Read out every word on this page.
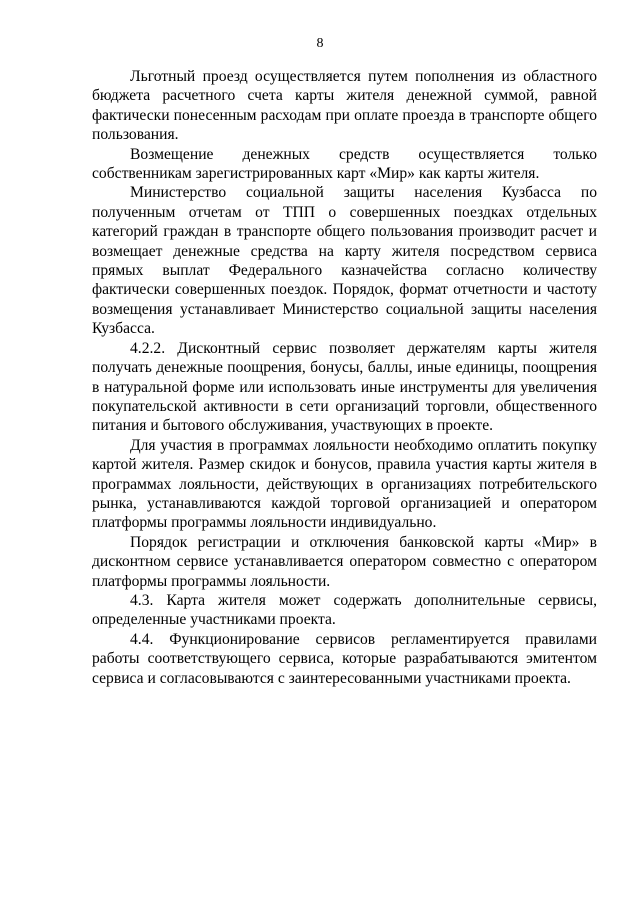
8

Льготный проезд осуществляется путем пополнения из областного бюджета расчетного счета карты жителя денежной суммой, равной фактически понесенным расходам при оплате проезда в транспорте общего пользования.

Возмещение денежных средств осуществляется только собственникам зарегистрированных карт «Мир» как карты жителя.

Министерство социальной защиты населения Кузбасса по полученным отчетам от ТПП о совершенных поездках отдельных категорий граждан в транспорте общего пользования производит расчет и возмещает денежные средства на карту жителя посредством сервиса прямых выплат Федерального казначейства согласно количеству фактически совершенных поездок. Порядок, формат отчетности и частоту возмещения устанавливает Министерство социальной защиты населения Кузбасса.

4.2.2. Дисконтный сервис позволяет держателям карты жителя получать денежные поощрения, бонусы, баллы, иные единицы, поощрения в натуральной форме или использовать иные инструменты для увеличения покупательской активности в сети организаций торговли, общественного питания и бытового обслуживания, участвующих в проекте.

Для участия в программах лояльности необходимо оплатить покупку картой жителя. Размер скидок и бонусов, правила участия карты жителя в программах лояльности, действующих в организациях потребительского рынка, устанавливаются каждой торговой организацией и оператором платформы программы лояльности индивидуально.

Порядок регистрации и отключения банковской карты «Мир» в дисконтном сервисе устанавливается оператором совместно с оператором платформы программы лояльности.

4.3. Карта жителя может содержать дополнительные сервисы, определенные участниками проекта.

4.4. Функционирование сервисов регламентируется правилами работы соответствующего сервиса, которые разрабатываются эмитентом сервиса и согласовываются с заинтересованными участниками проекта.
